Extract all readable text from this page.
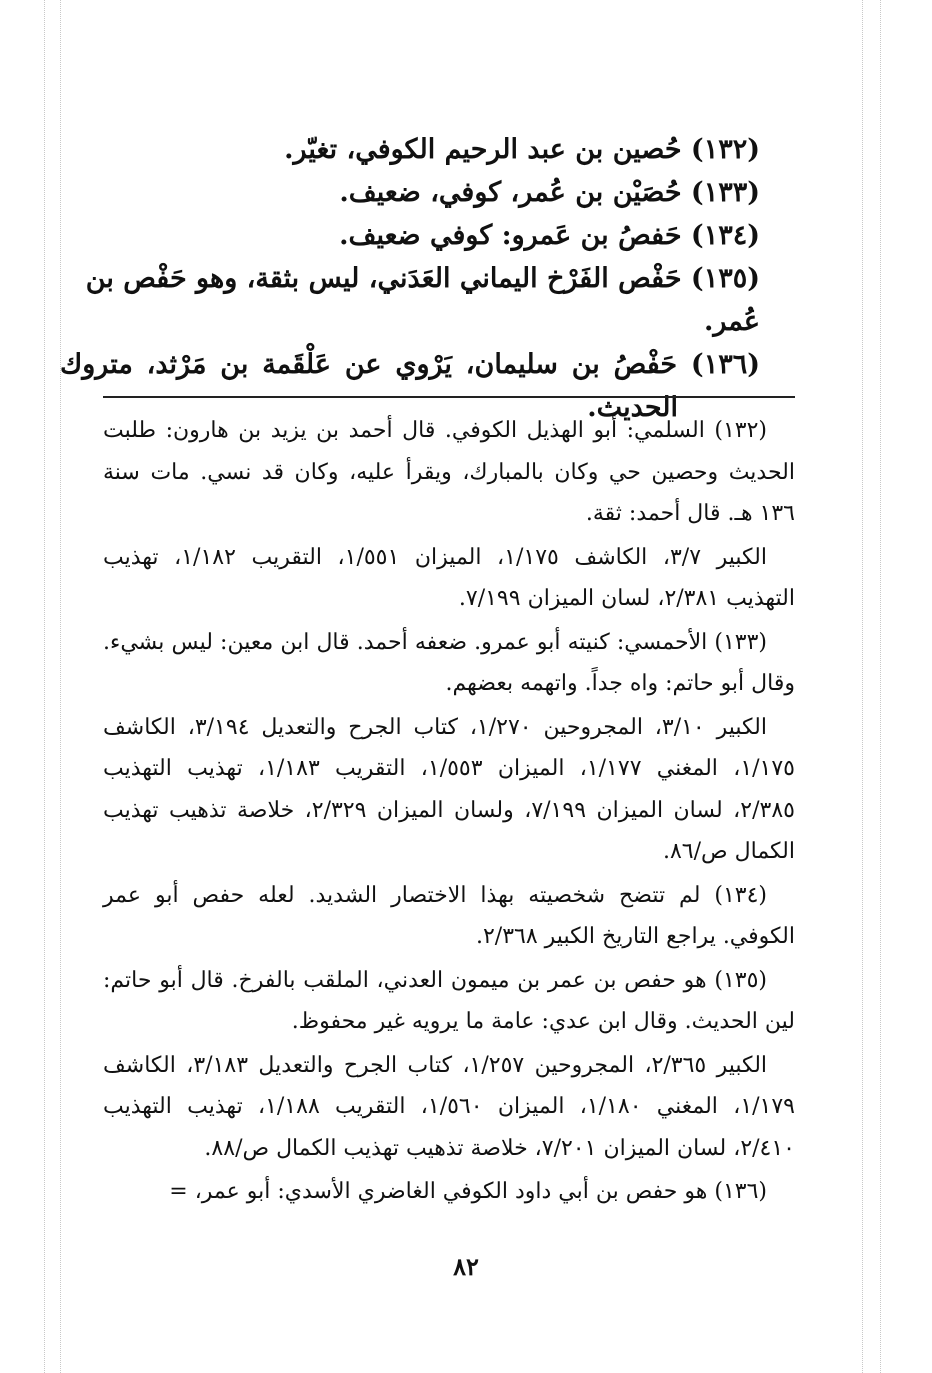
(١٣٢) حُصين بن عبد الرحيم الكوفي، تغيّر.

(١٣٣) حُصَيْن بن عُمر، كوفي، ضعيف.

(١٣٤) حَفصُ بن عَمرو: كوفي ضعيف.

(١٣٥) حَفْص الفَرْخ اليماني العَدَني، ليس بثقة، وهو حَفْص بن عُمر.

(١٣٦) حَفْصُ بن سليمان، يَرْوي عن عَلْقَمة بن مَرْثد، متروك

الحديث.

(١٣٢) السلمي: أبو الهذيل الكوفي. قال أحمد بن يزيد بن هارون: طلبت الحديث وحصين حي وكان بالمبارك، ويقرأ عليه، وكان قد نسي. مات سنة ١٣٦ هـ. قال أحمد: ثقة.

الكبير ٣/٧، الكاشف ١/١٧٥، الميزان ١/٥٥١، التقريب ١/١٨٢، تهذيب التهذيب ٢/٣٨١، لسان الميزان ٧/١٩٩.

(١٣٣) الأحمسي: كنيته أبو عمرو. ضعفه أحمد. قال ابن معين: ليس بشيء. وقال أبو حاتم: واه جداً. واتهمه بعضهم.

الكبير ٣/١٠، المجروحين ١/٢٧٠، كتاب الجرح والتعديل ٣/١٩٤، الكاشف ١/١٧٥، المغني ١/١٧٧، الميزان ١/٥٥٣، التقريب ١/١٨٣، تهذيب التهذيب ٢/٣٨٥، لسان الميزان ٧/١٩٩، ولسان الميزان ٢/٣٢٩، خلاصة تذهيب تهذيب الكمال ص/٨٦.

(١٣٤) لم تتضح شخصيته بهذا الاختصار الشديد. لعله حفص أبو عمر الكوفي. يراجع التاريخ الكبير ٢/٣٦٨.

(١٣٥) هو حفص بن عمر بن ميمون العدني، الملقب بالفرخ. قال أبو حاتم: لين الحديث. وقال ابن عدي: عامة ما يرويه غير محفوظ.

الكبير ٢/٣٦٥، المجروحين ١/٢٥٧، كتاب الجرح والتعديل ٣/١٨٣، الكاشف ١/١٧٩، المغني ١/١٨٠، الميزان ١/٥٦٠، التقريب ١/١٨٨، تهذيب التهذيب ٢/٤١٠، لسان الميزان ٧/٢٠١، خلاصة تذهيب تهذيب الكمال ص/٨٨.

(١٣٦) هو حفص بن أبي داود الكوفي الغاضري الأسدي: أبو عمر، =

٨٢
